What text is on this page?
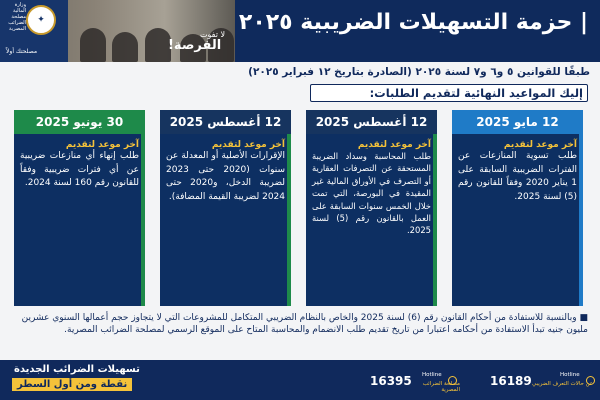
وزارة المالية مصلحة الضرائب المصرية
✦
مصلحتك أولاً
لا تفوت
الفرصة!
| حزمة التسهيلات الضريبية ٢٠٢٥
طبقًا للقوانين ٥ و٦ و٧ لسنة ٢٠٢٥ (الصادرة بتاريخ ١٢ فبراير ٢٠٢٥)
إليك المواعيد النهائية لتقديم الطلبات:
12 مايو 2025
آخر موعد لتقديم
طلب تسوية المنازعات عن الفترات الضريبية السابقة على 1 يناير 2020 وفقاً للقانون رقم (5) لسنة 2025.
12 أغسطس 2025
آخر موعد لتقديم
طلب المحاسبة وسداد الضريبة المستحقة عن التصرفات العقارية أو التصرف في الأوراق المالية غير المقيدة في البورصة، التي تمت خلال الخمس سنوات السابقة على العمل بالقانون رقم (5) لسنة 2025.
12 أغسطس 2025
آخر موعد لتقديم
الإقرارات الأصلية أو المعدلة عن سنوات (2020 حتى 2023 لضريبة الدخل، و2020 حتى 2024 لضريبة القيمة المضافة).
30 يونيو 2025
آخر موعد لتقديم
طلب إنهاء أي منازعات ضريبية عن أي فترات ضريبية وفقاً للقانون رقم 160 لسنة 2024.
■ وبالنسبة للاستفادة من أحكام القانون رقم (6) لسنة 2025 والخاص بالنظام الضريبي المتكامل للمشروعات التي لا يتجاوز حجم أعمالها السنوي عشرين مليون جنيه تبدأ الاستفادة من أحكامه اعتبارا من تاريخ تقديم طلب الانضمام والمحاسبة المتاح على الموقع الرسمي لمصلحة الضرائب المصرية.
تسهيلات الضرائب الجديدة
نقطة ومن أول السطر
Hotline
مصلحة الضرائب المصرية
16395	Hotline
عن حالات التعرف الضريبي
16189
